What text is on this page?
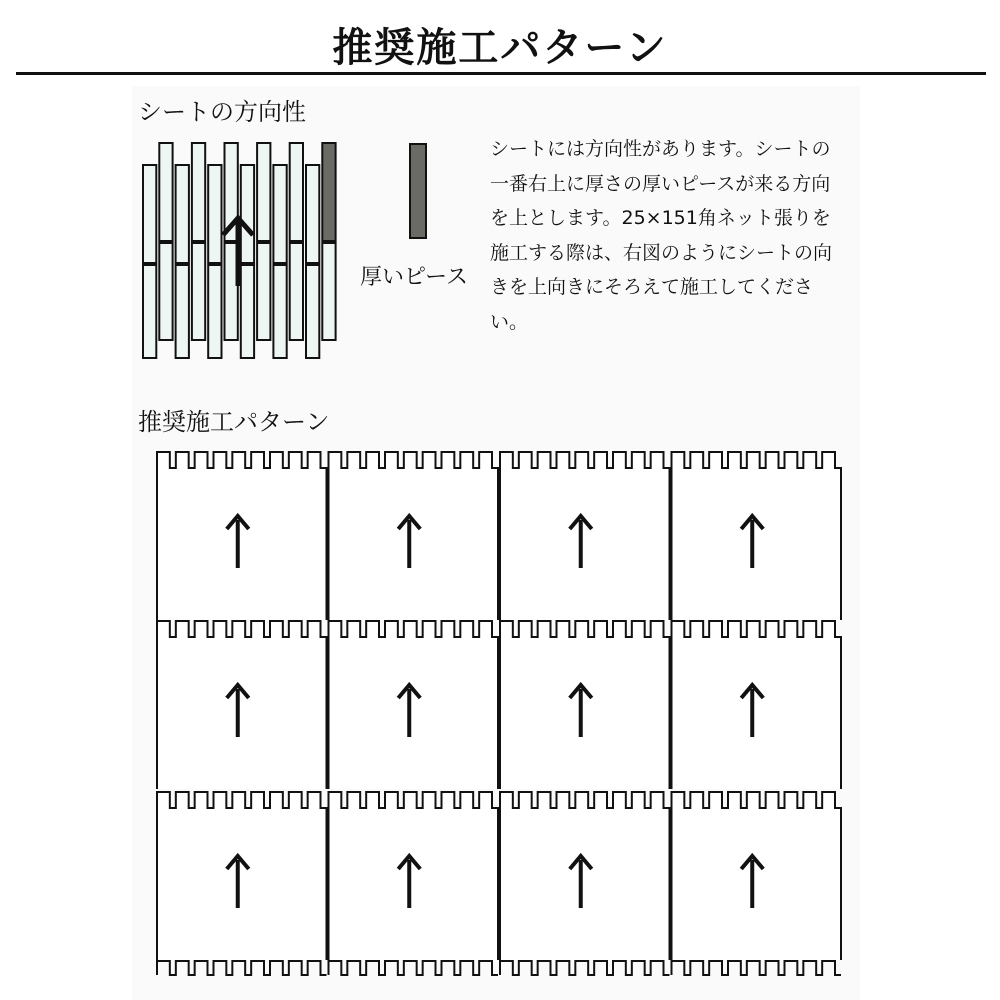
推奨施工パターン
シートの方向性
厚いピース
シートには方向性があります。シートの一番右上に厚さの厚いピースが来る方向を上とします。25×151角ネット張りを施工する際は、右図のようにシートの向きを上向きにそろえて施工してください。
推奨施工パターン
